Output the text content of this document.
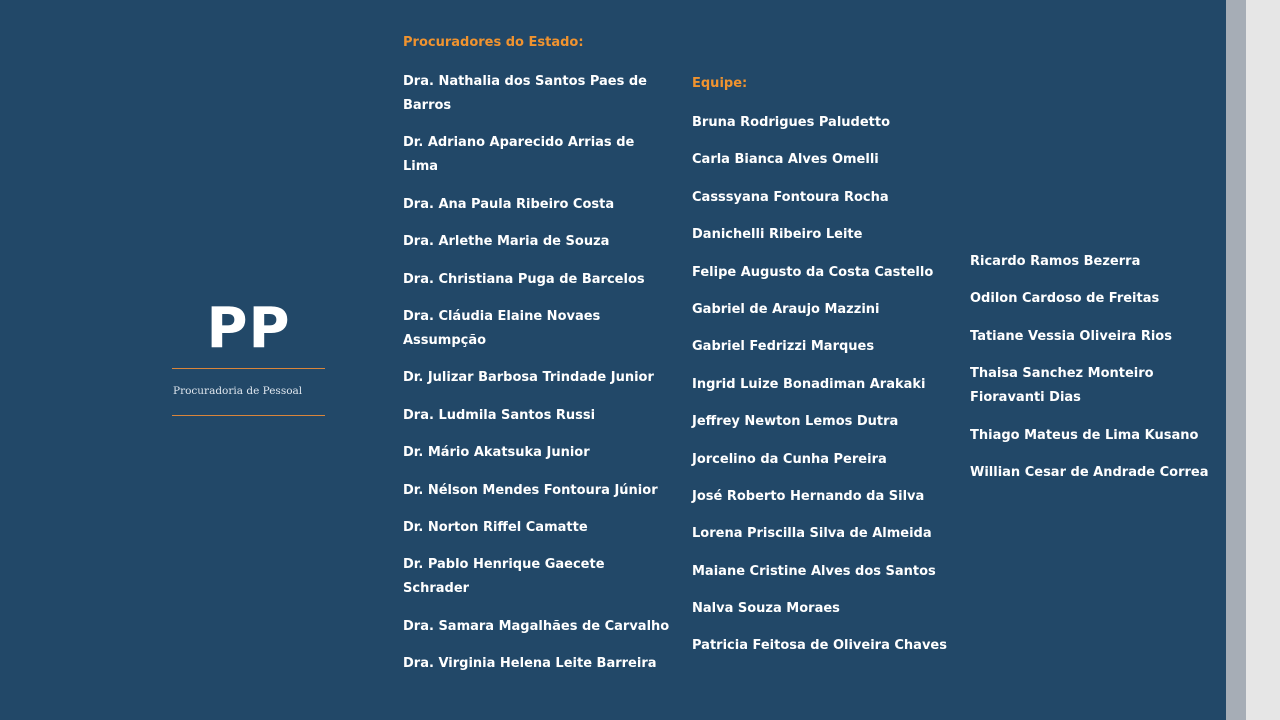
PP
Procuradoria de Pessoal
Procuradores do Estado:
Dra. Nathalia dos Santos Paes de Barros
Dr. Adriano Aparecido Arrias de Lima
Dra. Ana Paula Ribeiro Costa
Dra. Arlethe Maria de Souza
Dra. Christiana Puga de Barcelos
Dra. Cláudia Elaine Novaes Assumpção
Dr. Julizar Barbosa Trindade Junior
Dra. Ludmila Santos Russi
Dr. Mário Akatsuka Junior
Dr. Nélson Mendes Fontoura Júnior
Dr. Norton Riffel Camatte
Dr. Pablo Henrique Gaecete Schrader
Dra. Samara Magalhães de Carvalho
Dra. Virginia Helena Leite Barreira
Equipe:
Bruna Rodrigues Paludetto
Carla Bianca Alves Omelli
Casssyana Fontoura Rocha
Danichelli Ribeiro Leite
Felipe Augusto da Costa Castello
Gabriel de Araujo Mazzini
Gabriel Fedrizzi Marques
Ingrid Luize Bonadiman Arakaki
Jeffrey Newton Lemos Dutra
Jorcelino da Cunha Pereira
José Roberto Hernando da Silva
Lorena Priscilla Silva de Almeida
Maiane Cristine Alves dos Santos
Nalva Souza Moraes
Patricia Feitosa de Oliveira Chaves
Ricardo Ramos Bezerra
Odilon Cardoso de Freitas
Tatiane Vessia Oliveira Rios
Thaisa Sanchez Monteiro Fioravanti Dias
Thiago Mateus de Lima Kusano
Willian Cesar de Andrade Correa
